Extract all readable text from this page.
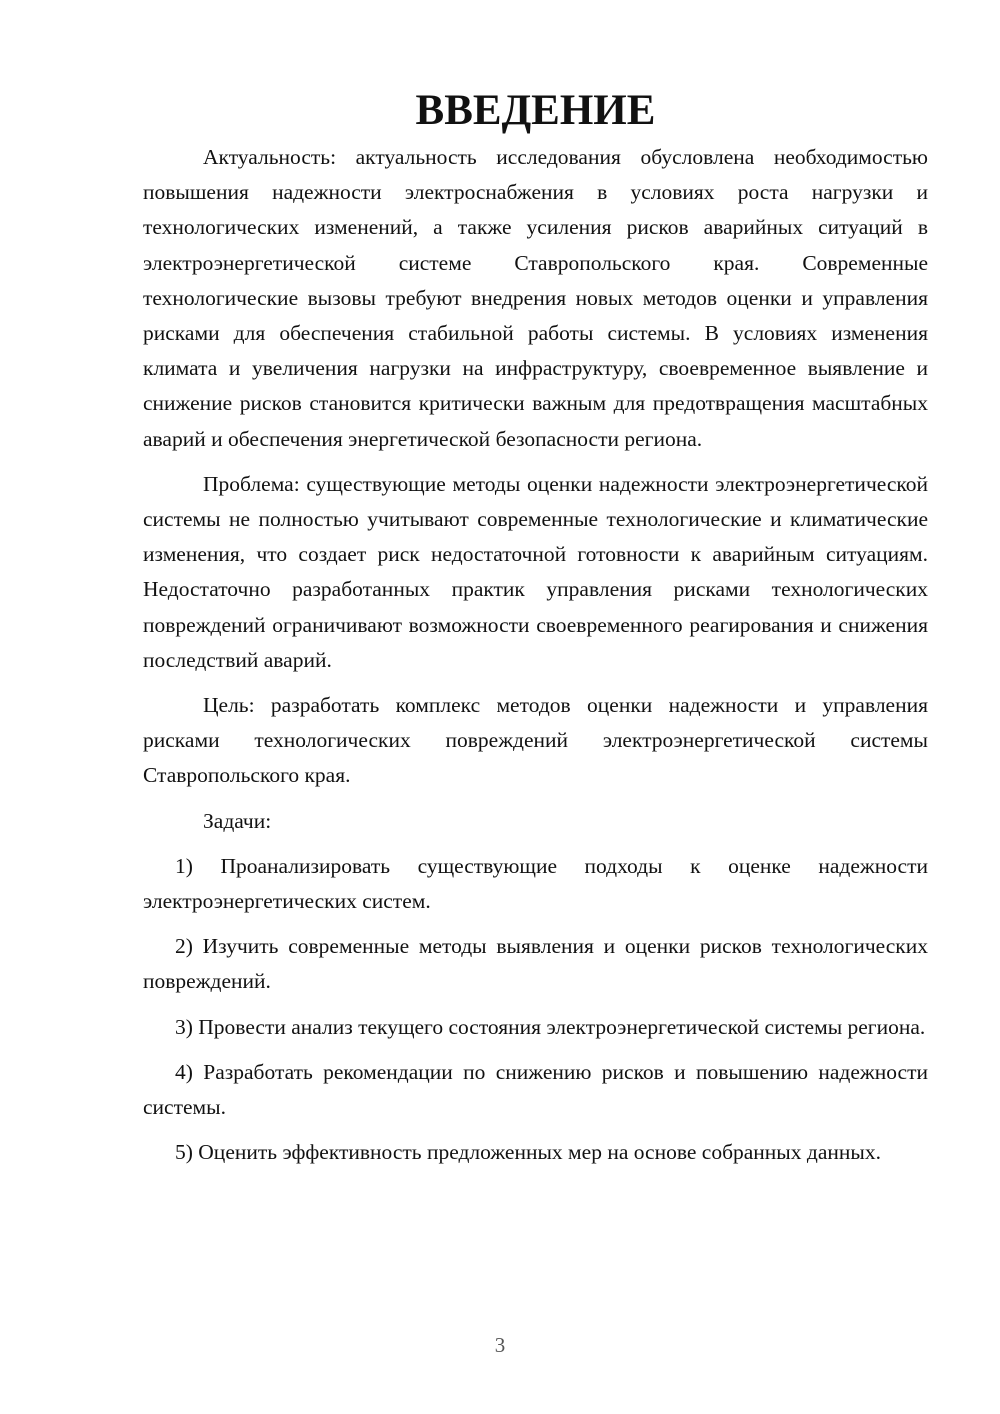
ВВЕДЕНИЕ

Актуальность: актуальность исследования обусловлена необходимостью повышения надежности электроснабжения в условиях роста нагрузки и технологических изменений, а также усиления рисков аварийных ситуаций в электроэнергетической системе Ставропольского края. Современные технологические вызовы требуют внедрения новых методов оценки и управления рисками для обеспечения стабильной работы системы. В условиях изменения климата и увеличения нагрузки на инфраструктуру, своевременное выявление и снижение рисков становится критически важным для предотвращения масштабных аварий и обеспечения энергетической безопасности региона.

Проблема: существующие методы оценки надежности электроэнергетической системы не полностью учитывают современные технологические и климатические изменения, что создает риск недостаточной готовности к аварийным ситуациям. Недостаточно разработанных практик управления рисками технологических повреждений ограничивают возможности своевременного реагирования и снижения последствий аварий.

Цель: разработать комплекс методов оценки надежности и управления рисками технологических повреждений электроэнергетической системы Ставропольского края.

Задачи:

1) Проанализировать существующие подходы к оценке надежности электроэнергетических систем.

2) Изучить современные методы выявления и оценки рисков технологических повреждений.

3) Провести анализ текущего состояния электроэнергетической системы региона.

4) Разработать рекомендации по снижению рисков и повышению надежности системы.

5) Оценить эффективность предложенных мер на основе собранных данных.

3
